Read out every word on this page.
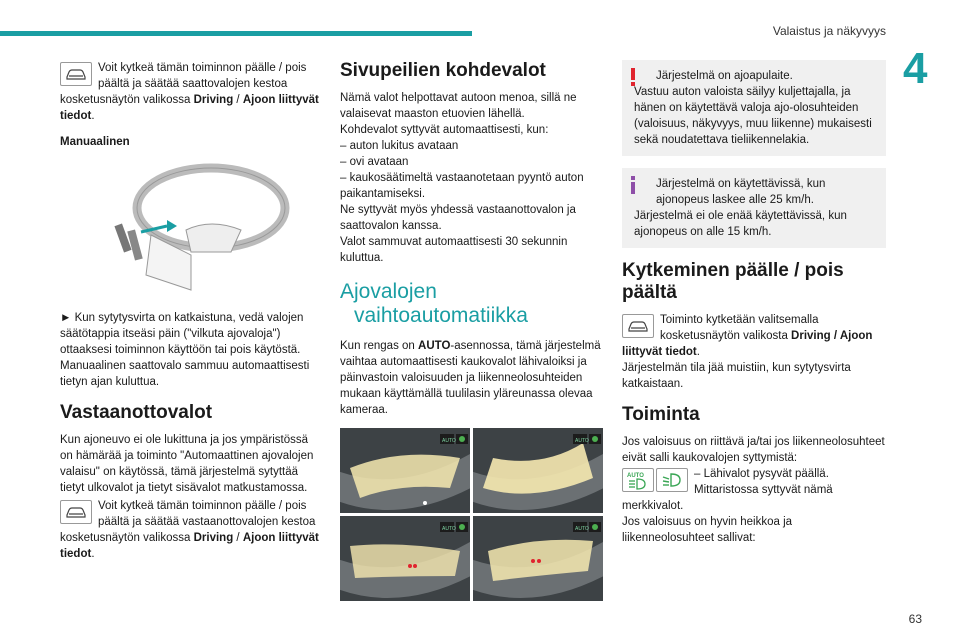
Valaistus ja näkyvyys
4
63

Voit kytkeä tämän toiminnon päälle / pois päältä ja säätää saattovalojen kestoa kosketusnäytön valikossa Driving / Ajoon liittyvät tiedot.

Manuaalinen

► Kun sytytysvirta on katkaistuna, vedä valojen säätötappia itseäsi päin ("vilkuta ajovaloja") ottaaksesi toiminnon käyttöön tai pois käytöstä. Manuaalinen saattovalo sammuu automaattisesti tietyn ajan kuluttua.

Vastaanottovalot

Kun ajoneuvo ei ole lukittuna ja jos ympäristössä on hämärää ja toiminto "Automaattinen ajovalojen valaisu" on käytössä, tämä järjestelmä sytyttää tietyt ulkovalot ja tietyt sisävalot matkustamossa.

Voit kytkeä tämän toiminnon päälle / pois päältä ja säätää vastaanottovalojen kestoa kosketusnäytön valikossa Driving / Ajoon liittyvät tiedot.

Sivupeilien kohdevalot
Nämä valot helpottavat autoon menoa, sillä ne valaisevat maaston etuovien lähellä.
Kohdevalot syttyvät automaattisesti, kun:
– auton lukitus avataan
– ovi avataan
– kaukosäätimeltä vastaanotetaan pyyntö auton paikantamiseksi.
Ne syttyvät myös yhdessä vastaanottovalon ja saattovalon kanssa.
Valot sammuvat automaattisesti 30 sekunnin kuluttua.
Ajovalojen
vaihtoautomatiikka

Kun rengas on AUTO-asennossa, tämä järjestelmä vaihtaa automaattisesti kaukovalot lähivaloiksi ja päinvastoin valoisuuden ja liikenneolosuhteiden mukaan käyttämällä tuulilasin yläreunassa olevaa kameraa.

AUTO	AUTO
AUTO	AUTO
Järjestelmä on ajoapulaite.
Vastuu auton valoista säilyy kuljettajalla, ja hänen on käytettävä valoja ajo-olosuhteiden (valoisuus, näkyvyys, muu liikenne) mukaisesti sekä noudatettava tieliikennelakia.
Järjestelmä on käytettävissä, kun ajonopeus laskee alle 25 km/h.
Järjestelmä ei ole enää käytettävissä, kun ajonopeus on alle 15 km/h.
Kytkeminen päälle / pois päältä

Toiminto kytketään valitsemalla kosketusnäytön valikosta Driving / Ajoon liittyvät tiedot.

Järjestelmän tila jää muistiin, kun sytytysvirta katkaistaan.

Toiminta

Jos valoisuus on riittävä ja/tai jos liikenneolosuhteet eivät salli kaukovalojen syttymistä:

AUTO	– Lähivalot pysyvät päällä.
Mittaristossa syttyvät nämä merkkivalot.

Jos valoisuus on hyvin heikkoa ja liikenneolosuhteet sallivat:
